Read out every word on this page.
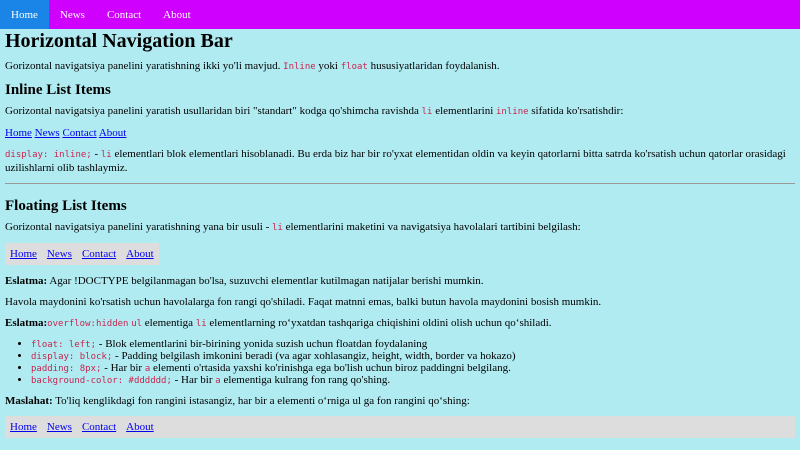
Home	News	Contact	About
Horizontal Navigation Bar

Gorizontal navigatsiya panelini yaratishning ikki yo'li mavjud. Inline yoki float hususiyatlaridan foydalanish.

Inline List Items

Gorizontal navigatsiya panelini yaratish usullaridan biri "standart" kodga qo'shimcha ravishda li elementlarini inline sifatida ko'rsatishdir:

Home News Contact About

display: inline; - li elementlari blok elementlari hisoblanadi. Bu erda biz har bir ro'yxat elementidan oldin va keyin qatorlarni bitta satrda ko'rsatish uchun qatorlar orasidagi uzilishlarni olib tashlaymiz.

Floating List Items

Gorizontal navigatsiya panelini yaratishning yana bir usuli - li elementlarini maketini va navigatsiya havolalari tartibini belgilash:

Home News Contact About

Eslatma: Agar !DOCTYPE belgilanmagan bo'lsa, suzuvchi elementlar kutilmagan natijalar berishi mumkin.

Havola maydonini ko'rsatish uchun havolalarga fon rangi qo'shiladi. Faqat matnni emas, balki butun havola maydonini bosish mumkin.

Eslatma:overflow:hidden ul elementiga li elementlarning roʻyxatdan tashqariga chiqishini oldini olish uchun qoʻshiladi.

• float: left; - Blok elementlarini bir-birining yonida suzish uchun floatdan foydalaning
• display: block; - Padding belgilash imkonini beradi (va agar xohlasangiz, height, width, border va hokazo)
• padding: 8px; - Har bir a elementi o'rtasida yaxshi ko'rinishga ega bo'lish uchun biroz paddingni belgilang.
• background-color: #dddddd; - Har bir a elementiga kulrang fon rang qo'shing.

Maslahat: To'liq kenglikdagi fon rangini istasangiz, har bir a elementi oʻrniga ul ga fon rangini qoʻshing:

Home News Contact About
